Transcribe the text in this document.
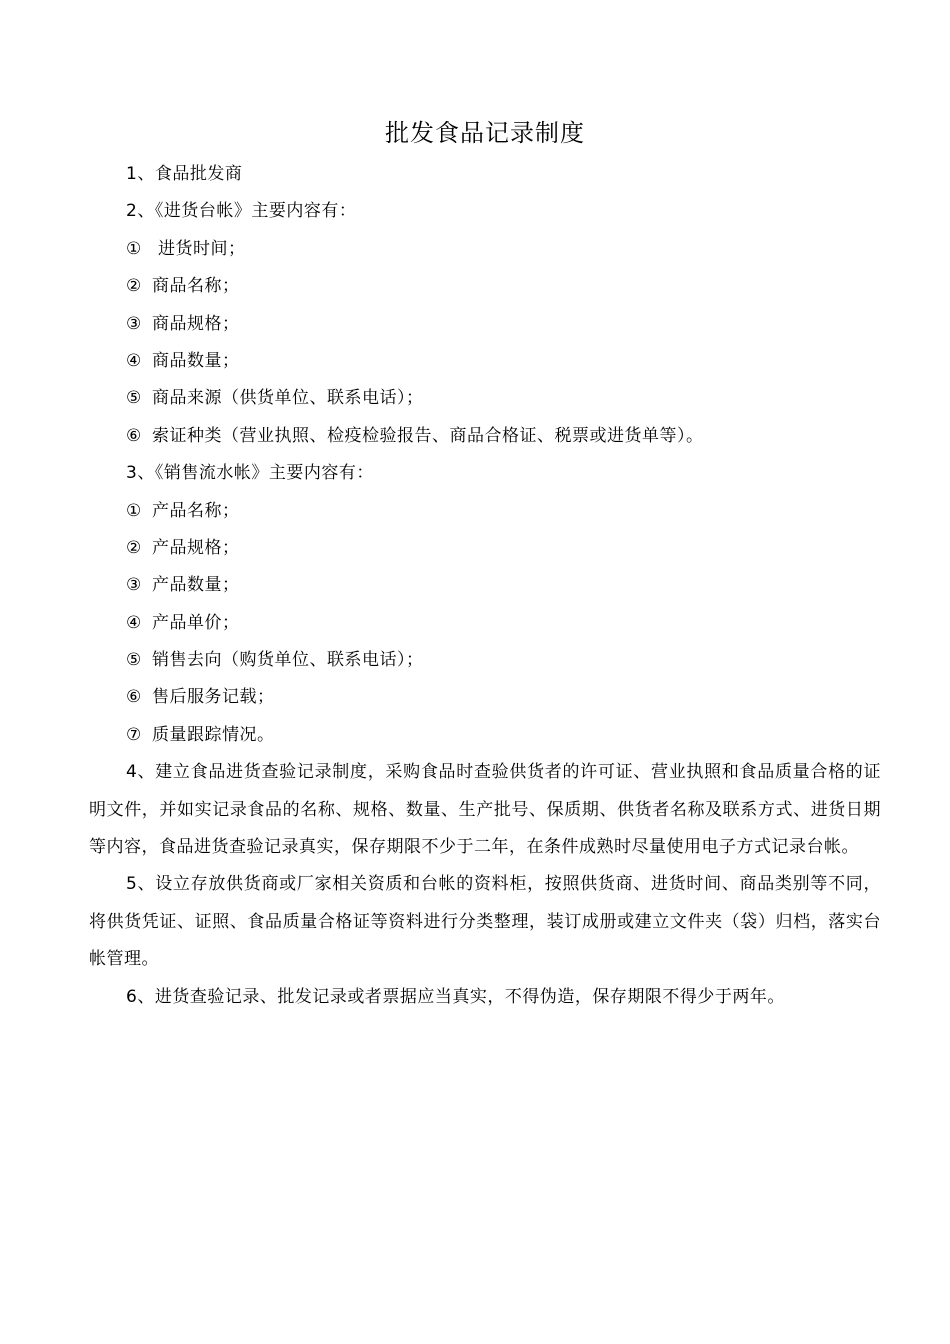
批发食品记录制度
1、食品批发商
2、《进货台帐》主要内容有：
① 进货时间；
② 商品名称；
③ 商品规格；
④ 商品数量；
⑤ 商品来源（供货单位、联系电话）；
⑥ 索证种类（营业执照、检疫检验报告、商品合格证、税票或进货单等）。
3、《销售流水帐》主要内容有：
① 产品名称；
② 产品规格；
③ 产品数量；
④ 产品单价；
⑤ 销售去向（购货单位、联系电话）；
⑥ 售后服务记载；
⑦ 质量跟踪情况。
4、建立食品进货查验记录制度，采购食品时查验供货者的许可证、营业执照和食品质量合格的证明文件，并如实记录食品的名称、规格、数量、生产批号、保质期、供货者名称及联系方式、进货日期等内容，食品进货查验记录真实，保存期限不少于二年，在条件成熟时尽量使用电子方式记录台帐。
5、设立存放供货商或厂家相关资质和台帐的资料柜，按照供货商、进货时间、商品类别等不同，将供货凭证、证照、食品质量合格证等资料进行分类整理，装订成册或建立文件夹（袋）归档，落实台帐管理。
6、进货查验记录、批发记录或者票据应当真实，不得伪造，保存期限不得少于两年。
